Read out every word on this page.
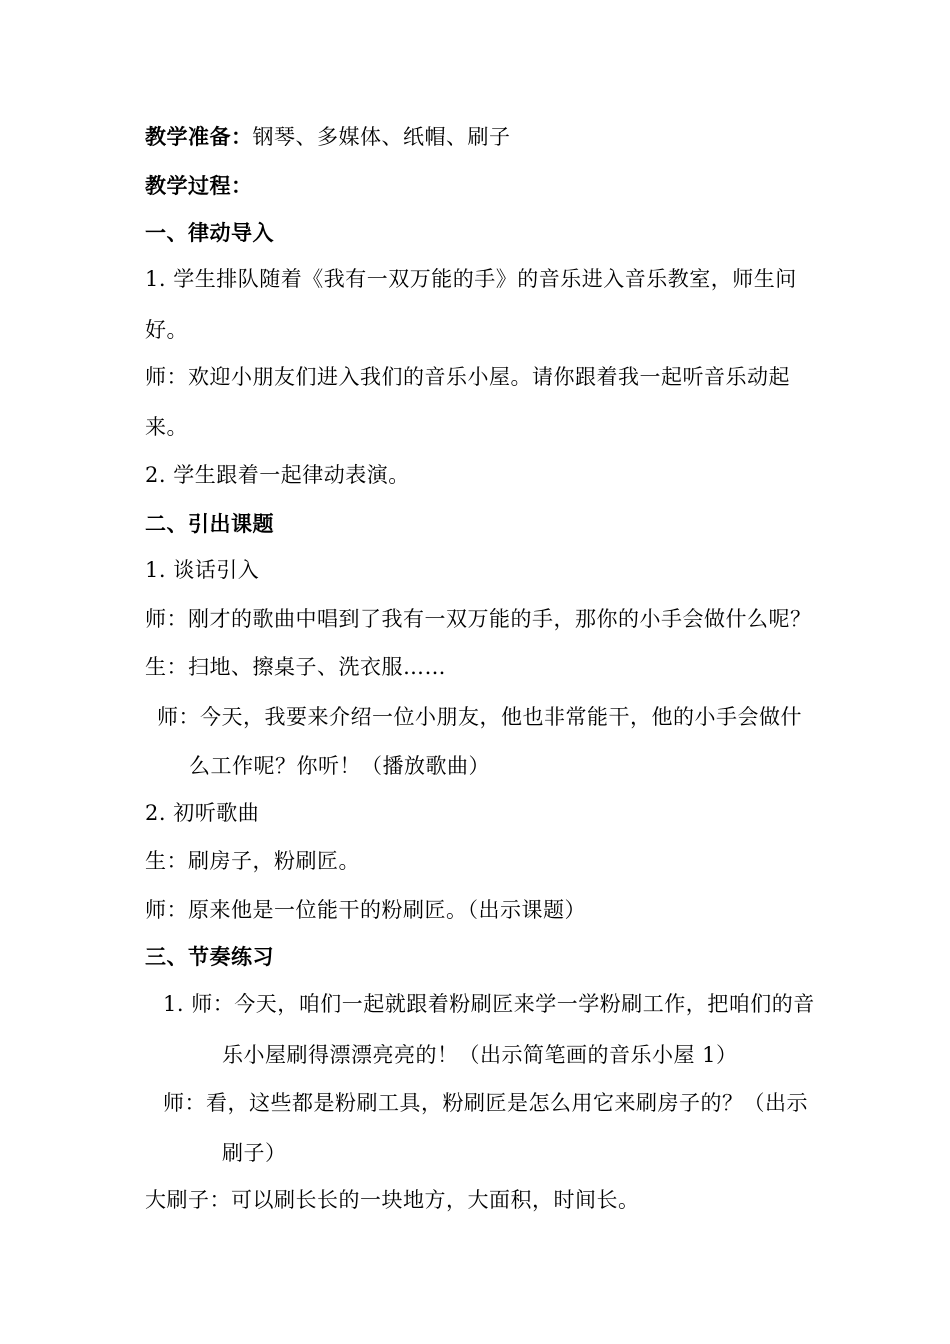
教学准备：钢琴、多媒体、纸帽、刷子
教学过程：
一、律动导入
1. 学生排队随着《我有一双万能的手》的音乐进入音乐教室，师生问
好。
师：欢迎小朋友们进入我们的音乐小屋。请你跟着我一起听音乐动起
来。
2. 学生跟着一起律动表演。
二、引出课题
1. 谈话引入
师：刚才的歌曲中唱到了我有一双万能的手，那你的小手会做什么呢？
生：扫地、擦桌子、洗衣服……
师：今天，我要来介绍一位小朋友，他也非常能干，他的小手会做什
么工作呢？你听！（播放歌曲）
2. 初听歌曲
生：刷房子，粉刷匠。
师：原来他是一位能干的粉刷匠。（出示课题）
三、节奏练习
1. 师：今天，咱们一起就跟着粉刷匠来学一学粉刷工作，把咱们的音
乐小屋刷得漂漂亮亮的！（出示简笔画的音乐小屋 1）
师：看，这些都是粉刷工具，粉刷匠是怎么用它来刷房子的？（出示
刷子）
大刷子：可以刷长长的一块地方，大面积，时间长。
